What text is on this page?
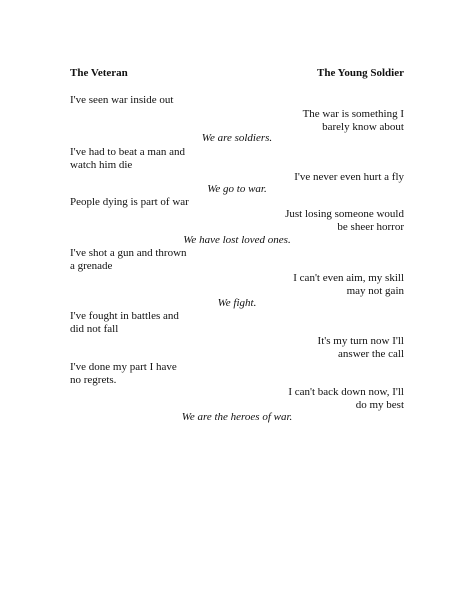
The Veteran	The Young Soldier
I've seen war inside out
The war is something I
barely know about
We are soldiers.
I've had to beat a man and
watch him die
I've never even hurt a fly
We go to war.
People dying is part of war
Just losing someone would
be sheer horror
We have lost loved ones.
I've shot a gun and thrown
a grenade
I can't even aim, my skill
may not gain
We fight.
I've fought in battles and
did not fall
It's my turn now I'll
answer the call
I've done my part I have
no regrets.
I can't back down now, I'll
do my best
We are the heroes of war.
